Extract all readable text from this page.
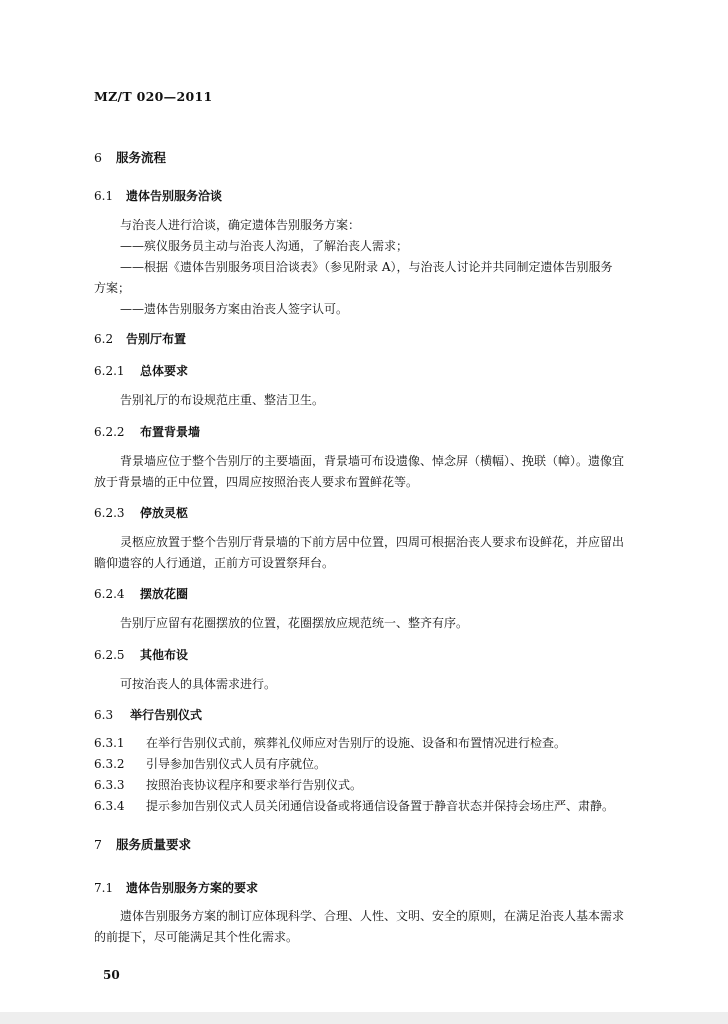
MZ/T 020—2011
6 服务流程
6.1 遗体告别服务洽谈
与治丧人进行洽谈，确定遗体告别服务方案：
——殡仪服务员主动与治丧人沟通，了解治丧人需求；
——根据《遗体告别服务项目洽谈表》（参见附录 A），与治丧人讨论并共同制定遗体告别服务
方案；
——遗体告别服务方案由治丧人签字认可。
6.2 告别厅布置
6.2.1 总体要求
告别礼厅的布设规范庄重、整洁卫生。
6.2.2 布置背景墙
背景墙应位于整个告别厅的主要墙面，背景墙可布设遗像、悼念屏（横幅）、挽联（幛）。遗像宜
放于背景墙的正中位置，四周应按照治丧人要求布置鲜花等。
6.2.3 停放灵柩
灵柩应放置于整个告别厅背景墙的下前方居中位置，四周可根据治丧人要求布设鲜花，并应留出
瞻仰遗容的人行通道，正前方可设置祭拜台。
6.2.4 摆放花圈
告别厅应留有花圈摆放的位置，花圈摆放应规范统一、整齐有序。
6.2.5 其他布设
可按治丧人的具体需求进行。
6.3 举行告别仪式
6.3.1 在举行告别仪式前，殡葬礼仪师应对告别厅的设施、设备和布置情况进行检查。
6.3.2 引导参加告别仪式人员有序就位。
6.3.3 按照治丧协议程序和要求举行告别仪式。
6.3.4 提示参加告别仪式人员关闭通信设备或将通信设备置于静音状态并保持会场庄严、肃静。
7 服务质量要求
7.1 遗体告别服务方案的要求
遗体告别服务方案的制订应体现科学、合理、人性、文明、安全的原则，在满足治丧人基本需求
的前提下，尽可能满足其个性化需求。
50
